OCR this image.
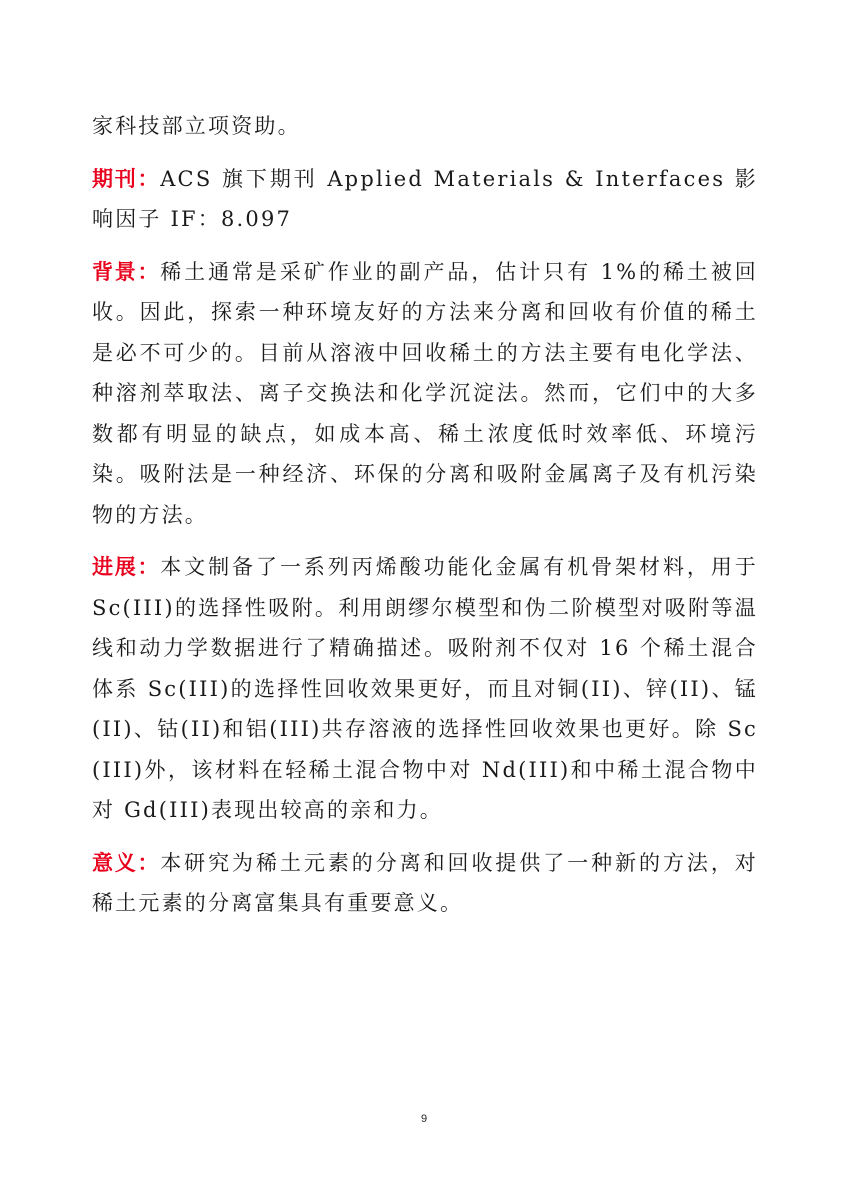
家科技部立项资助。

期刊：ACS 旗下期刊 Applied Materials & Interfaces 影响因子 IF：8.097

背景：稀土通常是采矿作业的副产品，估计只有 1%的稀土被回收。因此，探索一种环境友好的方法来分离和回收有价值的稀土是必不可少的。目前从溶液中回收稀土的方法主要有电化学法、种溶剂萃取法、离子交换法和化学沉淀法。然而，它们中的大多数都有明显的缺点，如成本高、稀土浓度低时效率低、环境污染。吸附法是一种经济、环保的分离和吸附金属离子及有机污染物的方法。

进展：本文制备了一系列丙烯酸功能化金属有机骨架材料，用于 Sc(III)的选择性吸附。利用朗缪尔模型和伪二阶模型对吸附等温线和动力学数据进行了精确描述。吸附剂不仅对 16 个稀土混合体系 Sc(III)的选择性回收效果更好，而且对铜(II)、锌(II)、锰(II)、钴(II)和铝(III)共存溶液的选择性回收效果也更好。除 Sc(III)外，该材料在轻稀土混合物中对 Nd(III)和中稀土混合物中对 Gd(III)表现出较高的亲和力。

意义：本研究为稀土元素的分离和回收提供了一种新的方法，对稀土元素的分离富集具有重要意义。

9
